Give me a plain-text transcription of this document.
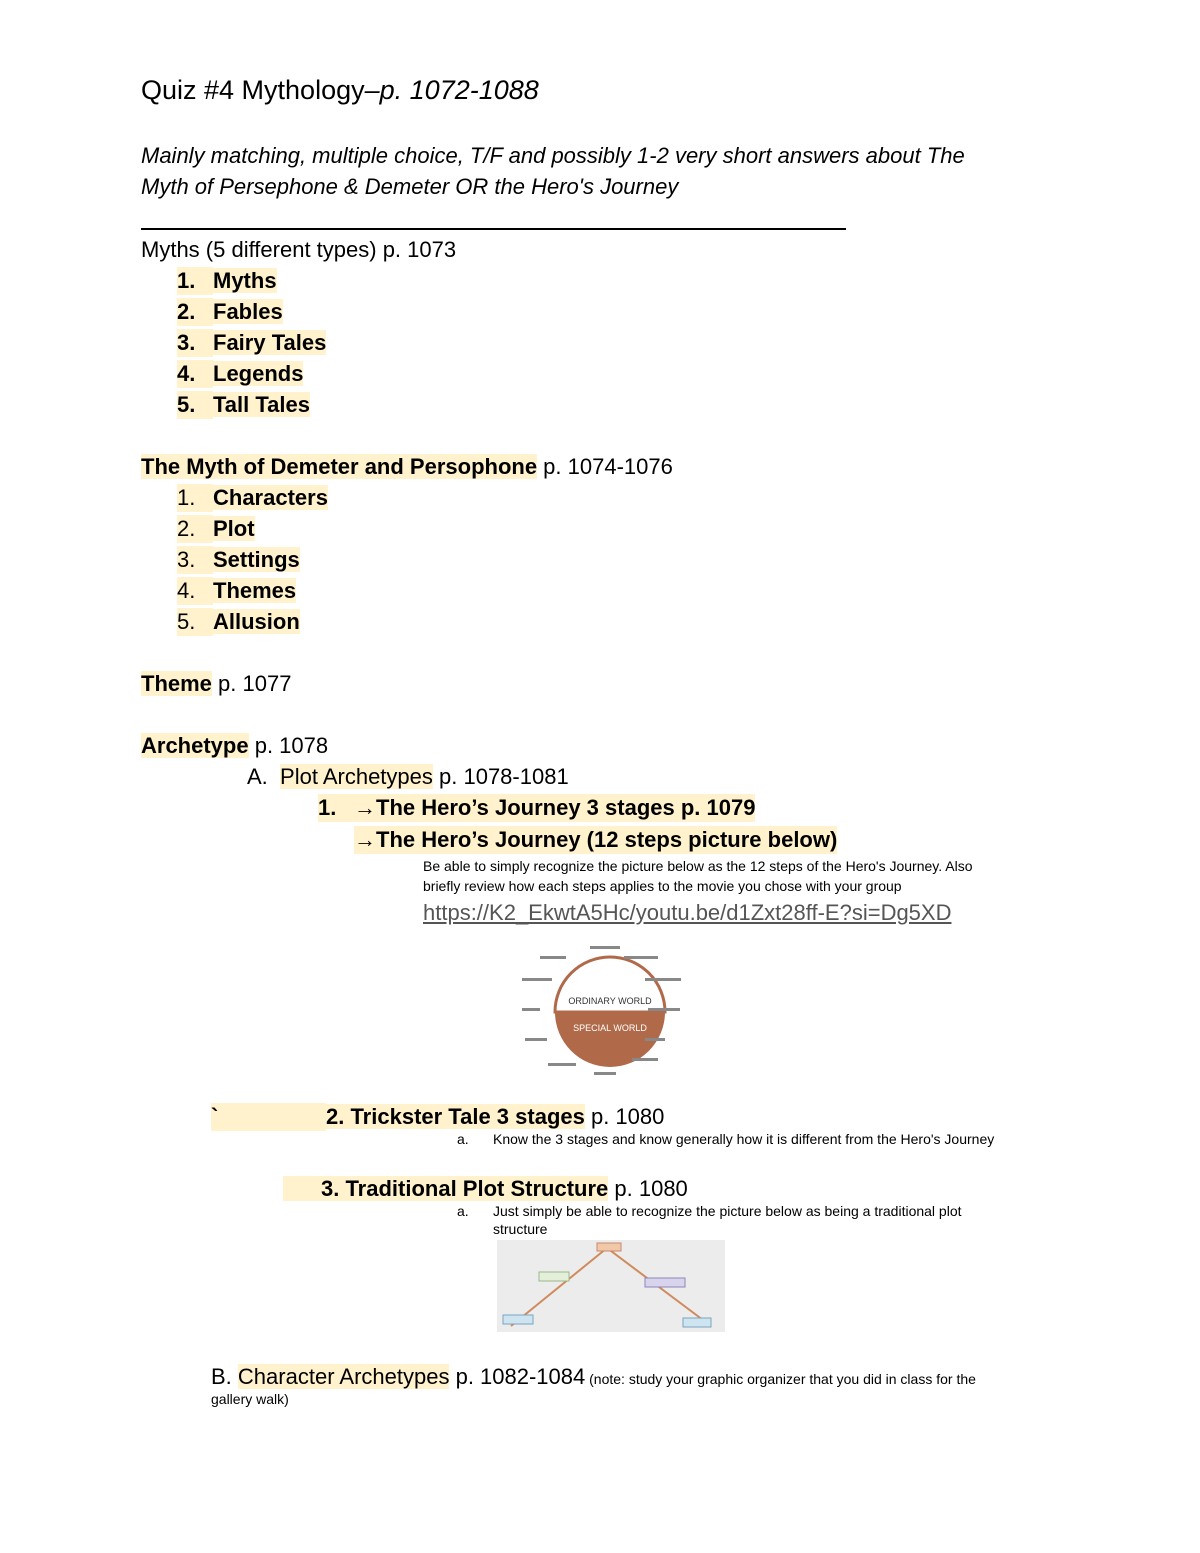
Quiz #4 Mythology–p. 1072-1088
Mainly matching, multiple choice, T/F and possibly 1-2 very short answers about The
Myth of Persephone & Demeter OR the Hero's Journey
Myths (5 different types) p. 1073
1. Myths
2. Fables
3. Fairy Tales
4. Legends
5. Tall Tales
The Myth of Demeter and Persophone p. 1074-1076
1. Characters
2. Plot
3. Settings
4. Themes
5. Allusion
Theme p. 1077
Archetype p. 1078
A. Plot Archetypes p. 1078-1081
1. →The Hero’s Journey 3 stages p. 1079
→The Hero’s Journey (12 steps picture below)
Be able to simply recognize the picture below as the 12 steps of the Hero's Journey. Also
briefly review how each steps applies to the movie you chose with your group
https://K2_EkwtA5Hc/youtu.be/d1Zxt28ff-E?si=Dg5XD
ORDINARY WORLD
SPECIAL WORLD
`	2. Trickster Tale 3 stages p. 1080
a. Know the 3 stages and know generally how it is different from the Hero's Journey
3. Traditional Plot Structure p. 1080
a. Just simply be able to recognize the picture below as being a traditional plot
structure
B. Character Archetypes p. 1082-1084 (note: study your graphic organizer that you did in class for the
gallery walk)
